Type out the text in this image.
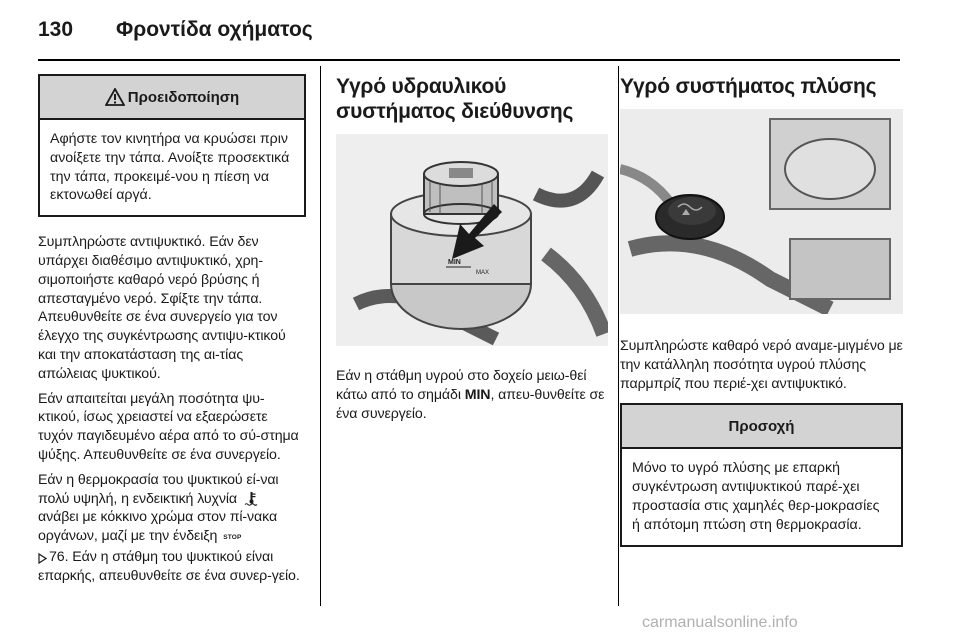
130 Φροντίδα οχήματος
Προειδοποίηση
Αφήστε τον κινητήρα να κρυώσει πριν ανοίξετε την τάπα. Ανοίξτε προσεκτικά την τάπα, προκειμέ-νου η πίεση να εκτονωθεί αργά.

Συμπληρώστε αντιψυκτικό. Εάν δεν υπάρχει διαθέσιμο αντιψυκτικό, χρη-σιμοποιήστε καθαρό νερό βρύσης ή απεσταγμένο νερό. Σφίξτε την τάπα. Απευθυνθείτε σε ένα συνεργείο για τον έλεγχο της συγκέντρωσης αντιψυ-κτικού και την αποκατάσταση της αι-τίας απώλειας ψυκτικού.

Εάν απαιτείται μεγάλη ποσότητα ψυ-κτικού, ίσως χρειαστεί να εξαερώσετε τυχόν παγιδευμένο αέρα από το σύ-στημα ψύξης. Απευθυνθείτε σε ένα συνεργείο.

Εάν η θερμοκρασία του ψυκτικού εί-ναι πολύ υψηλή, η ενδεικτική λυχνία  ανάβει με κόκκινο χρώμα στον πί-νακα οργάνων, μαζί με την ένδειξη STOP
76. Εάν η στάθμη του ψυκτικού είναι επαρκής, απευθυνθείτε σε ένα συνερ-γείο.

Υγρό υδραυλικού συστήματος διεύθυνσης
MIN
MAX

Εάν η στάθμη υγρού στο δοχείο μειω-θεί κάτω από το σημάδι MIN, απευ-θυνθείτε σε ένα συνεργείο.

Υγρό συστήματος πλύσης

Συμπληρώστε καθαρό νερό αναμε-μιγμένο με την κατάλληλη ποσότητα υγρού πλύσης παρμπρίζ που περιέ-χει αντιψυκτικό.

Προσοχή
Μόνο το υγρό πλύσης με επαρκή συγκέντρωση αντιψυκτικού παρέ-χει προστασία στις χαμηλές θερ-μοκρασίες ή απότομη πτώση στη θερμοκρασία.
carmanualsonline.info
